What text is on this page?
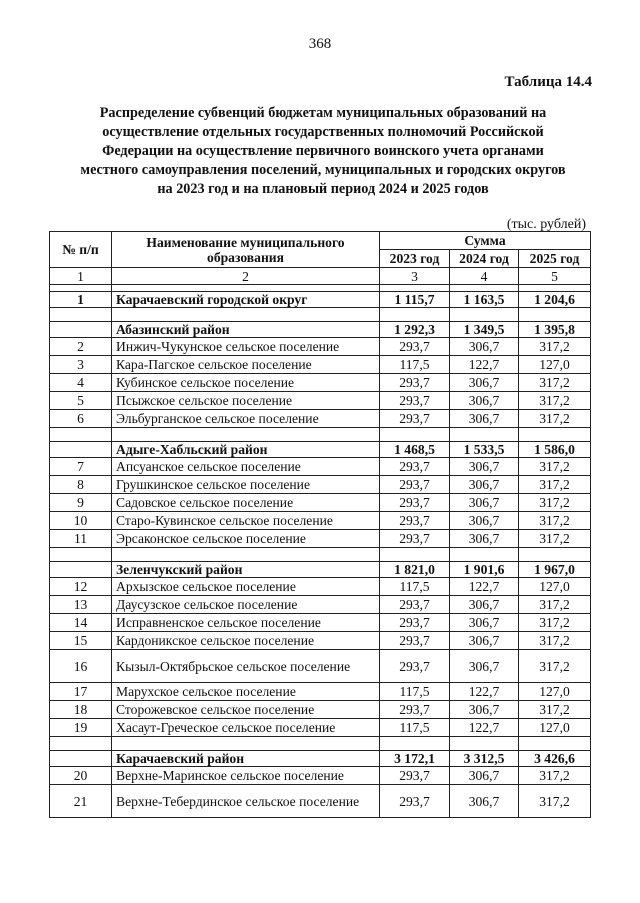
368
Таблица 14.4
Распределение субвенций бюджетам муниципальных образований на
осуществление отдельных государственных полномочий Российской
Федерации на осуществление первичного воинского учета органами
местного самоуправления поселений, муниципальных и городских округов
на 2023 год и на плановый период 2024 и 2025 годов
(тыс. рублей)
№ п/п	Наименование муниципального образования	Сумма		
		2023 год	2024 год	2025 год
1	2	3	4	5

1	Карачаевский городской округ	1 115,7	1 163,5	1 204,6

	Абазинский район	1 292,3	1 349,5	1 395,8
2	Инжич-Чукунское сельское поселение	293,7	306,7	317,2
3	Кара-Пагское сельское поселение	117,5	122,7	127,0
4	Кубинское сельское поселение	293,7	306,7	317,2
5	Псыжское сельское поселение	293,7	306,7	317,2
6	Эльбурганское сельское поселение	293,7	306,7	317,2

	Адыге-Хабльский район	1 468,5	1 533,5	1 586,0
7	Апсуанское сельское поселение	293,7	306,7	317,2
8	Грушкинское сельское поселение	293,7	306,7	317,2
9	Садовское сельское поселение	293,7	306,7	317,2
10	Старо-Кувинское сельское поселение	293,7	306,7	317,2
11	Эрсаконское сельское поселение	293,7	306,7	317,2

	Зеленчукский район	1 821,0	1 901,6	1 967,0
12	Архызское сельское поселение	117,5	122,7	127,0
13	Даусузское сельское поселение	293,7	306,7	317,2
14	Исправненское сельское поселение	293,7	306,7	317,2
15	Кардоникское сельское поселение	293,7	306,7	317,2
16	Кызыл-Октябрьское сельское поселение	293,7	306,7	317,2
17	Марухское сельское поселение	117,5	122,7	127,0
18	Сторожевское сельское поселение	293,7	306,7	317,2
19	Хасаут-Греческое сельское поселение	117,5	122,7	127,0

	Карачаевский район	3 172,1	3 312,5	3 426,6
20	Верхне-Маринское сельское поселение	293,7	306,7	317,2
21	Верхне-Тебердинское сельское поселение	293,7	306,7	317,2
